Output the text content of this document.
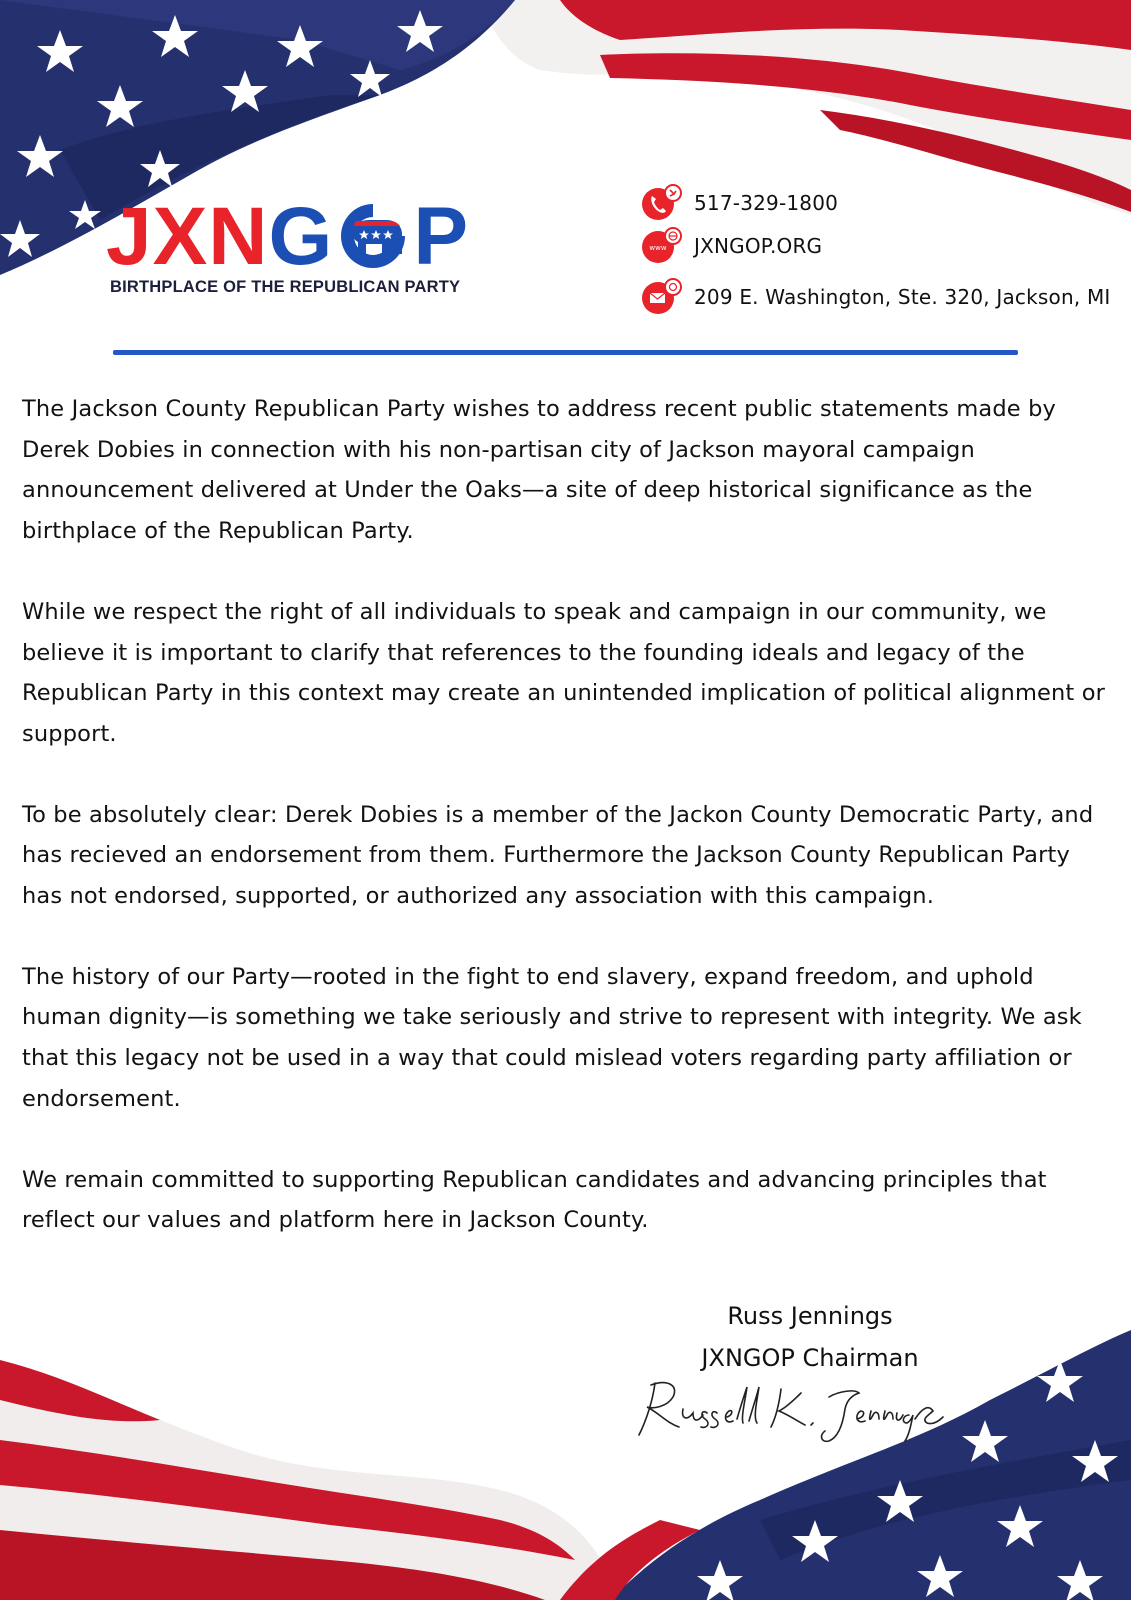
JXNG P
BIRTHPLACE OF THE REPUBLICAN PARTY
517-329-1800
www JXNGOP.ORG
209 E. Washington, Ste. 320, Jackson, MI

The Jackson County Republican Party wishes to address recent public statements made by Derek Dobies in connection with his non-partisan city of Jackson mayoral campaign announcement delivered at Under the Oaks—a site of deep historical significance as the birthplace of the Republican Party.

While we respect the right of all individuals to speak and campaign in our community, we believe it is important to clarify that references to the founding ideals and legacy of the Republican Party in this context may create an unintended implication of political alignment or support.

To be absolutely clear: Derek Dobies is a member of the Jackon County Democratic Party, and has recieved an endorsement from them. Furthermore the Jackson County Republican Party has not endorsed, supported, or authorized any association with this campaign.

The history of our Party—rooted in the fight to end slavery, expand freedom, and uphold human dignity—is something we take seriously and strive to represent with integrity. We ask that this legacy not be used in a way that could mislead voters regarding party affiliation or endorsement.

We remain committed to supporting Republican candidates and advancing principles that reflect our values and platform here in Jackson County.

Russ Jennings
JXNGOP Chairman
